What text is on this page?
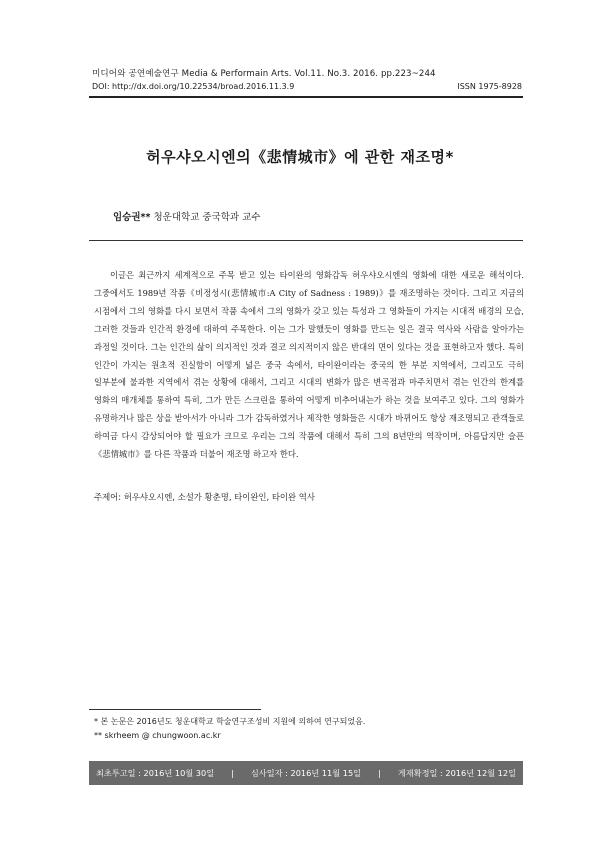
미디어와 공연예술연구 Media & Performain Arts. Vol.11. No.3. 2016. pp.223~244
DOI: http://dx.doi.org/10.22534/broad.2016.11.3.9	ISSN 1975-8928
허우샤오시엔의《悲情城市》에 관한 재조명*
임승권** 청운대학교 중국학과 교수

이글은 최근까지 세계적으로 주목 받고 있는 타이완의 영화감독 허우샤오시엔의 영화에 대한 새로운 해석이다. 그중에서도 1989년 작품《비정성시(悲情城市:A City of Sadness : 1989)》를 재조명하는 것이다. 그리고 지금의 시점에서 그의 영화를 다시 보면서 작품 속에서 그의 영화가 갖고 있는 특성과 그 영화들이 가지는 시대적 배경의 모습, 그러한 것들과 인간적 환경에 대하여 주목한다. 이는 그가 말했듯이 영화를 만드는 일은 결국 역사와 사람을 알아가는 과정일 것이다. 그는 인간의 삶이 의지적인 것과 결코 의지적이지 않은 반대의 면이 있다는 것을 표현하고자 했다. 특히 인간이 가지는 원초적 진실함이 어떻게 넓은 중국 속에서, 타이완이라는 중국의 한 부분 지역에서, 그리고도 극히 일부분에 불과한 지역에서 겪는 상황에 대해서, 그리고 시대의 변화가 많은 변곡점과 마주치면서 겪는 인간의 한계를 영화의 매개체를 통하여 특히, 그가 만든 스크린을 통하여 어떻게 비추어내는가 하는 것을 보여주고 있다. 그의 영화가 유명하거나 많은 상을 받아서가 아니라 그가 감독하였거나 제작한 영화들은 시대가 바뀌어도 항상 재조명되고 관객들로 하여금 다시 감상되어야 할 필요가 크므로 우리는 그의 작품에 대해서 특히 그의 8년만의 역작이며, 아름답지만 슬픈《悲情城市》를 다른 작품과 더불어 재조명 하고자 한다.

주제어: 허우샤오시엔, 소설가 황춘명, 타이완인, 타이완 역사
* 본 논문은 2016년도 청운대학교 학술연구조성비 지원에 의하여 연구되었음.
** skrheem @ chungwoon.ac.kr
최초투고일 : 2016년 10월 30일 | 심사일자 : 2016년 11월 15일 | 게재확정일 : 2016년 12월 12일
